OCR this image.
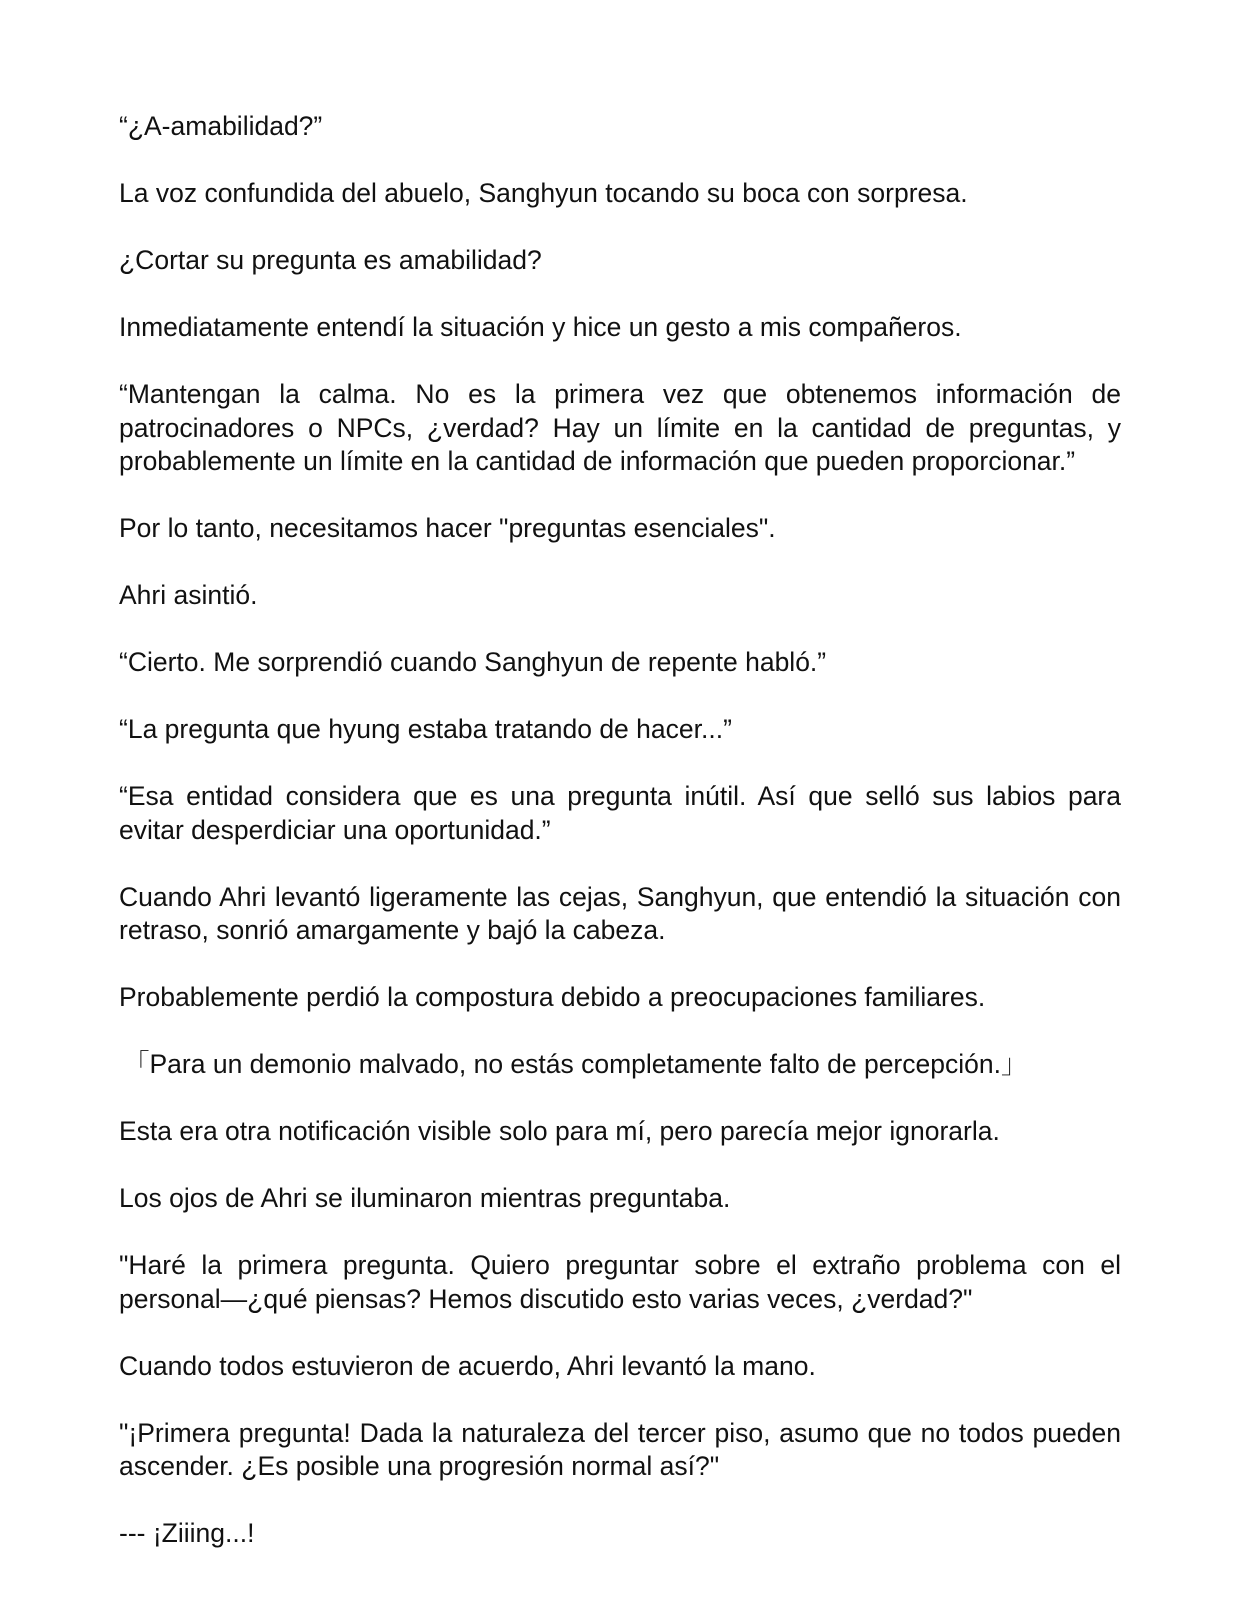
“¿A-amabilidad?”

La voz confundida del abuelo, Sanghyun tocando su boca con sorpresa.

¿Cortar su pregunta es amabilidad?

Inmediatamente entendí la situación y hice un gesto a mis compañeros.

“Mantengan la calma. No es la primera vez que obtenemos información de patrocinadores o NPCs, ¿verdad? Hay un límite en la cantidad de preguntas, y probablemente un límite en la cantidad de información que pueden proporcionar.”

Por lo tanto, necesitamos hacer "preguntas esenciales".

Ahri asintió.

“Cierto. Me sorprendió cuando Sanghyun de repente habló.”

“La pregunta que hyung estaba tratando de hacer...”

“Esa entidad considera que es una pregunta inútil. Así que selló sus labios para evitar desperdiciar una oportunidad.”

Cuando Ahri levantó ligeramente las cejas, Sanghyun, que entendió la situación con retraso, sonrió amargamente y bajó la cabeza.

Probablemente perdió la compostura debido a preocupaciones familiares.

「Para un demonio malvado, no estás completamente falto de percepción.」

Esta era otra notificación visible solo para mí, pero parecía mejor ignorarla.

Los ojos de Ahri se iluminaron mientras preguntaba.

"Haré la primera pregunta. Quiero preguntar sobre el extraño problema con el personal—¿qué piensas? Hemos discutido esto varias veces, ¿verdad?"

Cuando todos estuvieron de acuerdo, Ahri levantó la mano.

"¡Primera pregunta! Dada la naturaleza del tercer piso, asumo que no todos pueden ascender. ¿Es posible una progresión normal así?"

--- ¡Ziiing...!
